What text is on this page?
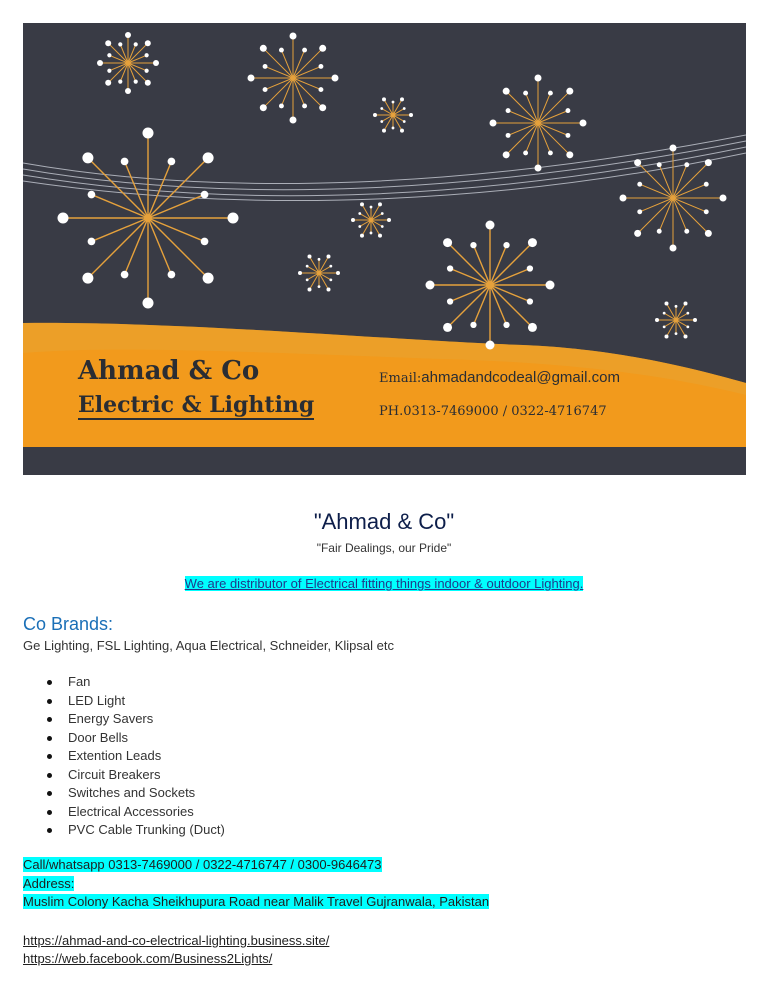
Ahmad & Co
Electric & Lighting
Email:ahmadandcodeal@gmail.com
PH.0313-7469000 / 0322-4716747
"Ahmad & Co"
"Fair Dealings, our Pride"
We are distributor of Electrical fitting things indoor & outdoor Lighting.
Co Brands:
Ge Lighting, FSL Lighting, Aqua Electrical, Schneider, Klipsal etc
Fan
LED Light
Energy Savers
Door Bells
Extention Leads
Circuit Breakers
Switches and Sockets
Electrical Accessories
PVC Cable Trunking (Duct)
Call/whatsapp 0313-7469000 / 0322-4716747 / 0300-9646473
Address:
Muslim Colony Kacha Sheikhupura Road near Malik Travel Gujranwala, Pakistan
https://ahmad-and-co-electrical-lighting.business.site/
https://web.facebook.com/Business2Lights/
